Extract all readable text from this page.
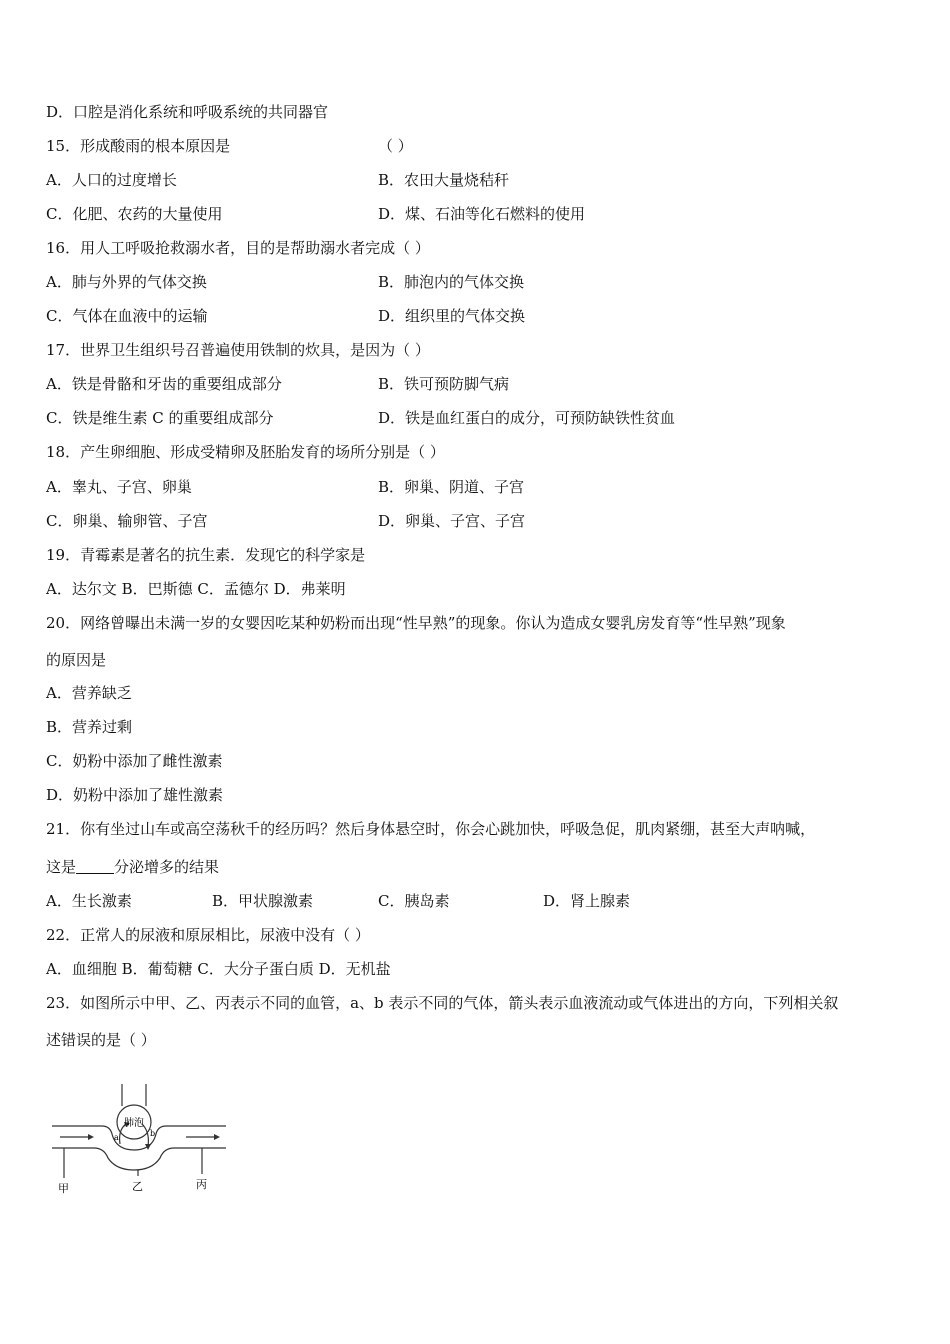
D．口腔是消化系统和呼吸系统的共同器官
15．形成酸雨的根本原因是	（ ）
A．人口的过度增长	B．农田大量烧秸秆
C．化肥、农药的大量使用	D．煤、石油等化石燃料的使用
16．用人工呼吸抢救溺水者，目的是帮助溺水者完成（ ）
A．肺与外界的气体交换	B．肺泡内的气体交换
C．气体在血液中的运输	D．组织里的气体交换
17．世界卫生组织号召普遍使用铁制的炊具，是因为（ ）
A．铁是骨骼和牙齿的重要组成部分	B．铁可预防脚气病
C．铁是维生素 C 的重要组成部分	D．铁是血红蛋白的成分，可预防缺铁性贫血
18．产生卵细胞、形成受精卵及胚胎发育的场所分别是（ ）
A．睾丸、子宫、卵巢	B．卵巢、阴道、子宫
C．卵巢、输卵管、子宫	D．卵巢、子宫、子宫
19．青霉素是著名的抗生素．发现它的科学家是
A．达尔文 B．巴斯德 C．孟德尔 D．弗莱明
20．网络曾曝出未满一岁的女婴因吃某种奶粉而出现“性早熟”的现象。你认为造成女婴乳房发育等“性早熟”现象
的原因是
A．营养缺乏
B．营养过剩
C．奶粉中添加了雌性激素
D．奶粉中添加了雄性激素
21．你有坐过山车或高空荡秋千的经历吗？然后身体悬空时，你会心跳加快，呼吸急促，肌肉紧绷，甚至大声呐喊，
这是	分泌增多的结果
A．生长激素	B．甲状腺激素	C．胰岛素	D．肾上腺素
22．正常人的尿液和原尿相比，尿液中没有（ ）
A．血细胞 B．葡萄糖 C．大分子蛋白质 D．无机盐
23．如图所示中甲、乙、丙表示不同的血管，a、b 表示不同的气体，箭头表示血液流动或气体进出的方向，下列相关叙
述错误的是（ ）
肺泡
a	b
甲	乙	丙
